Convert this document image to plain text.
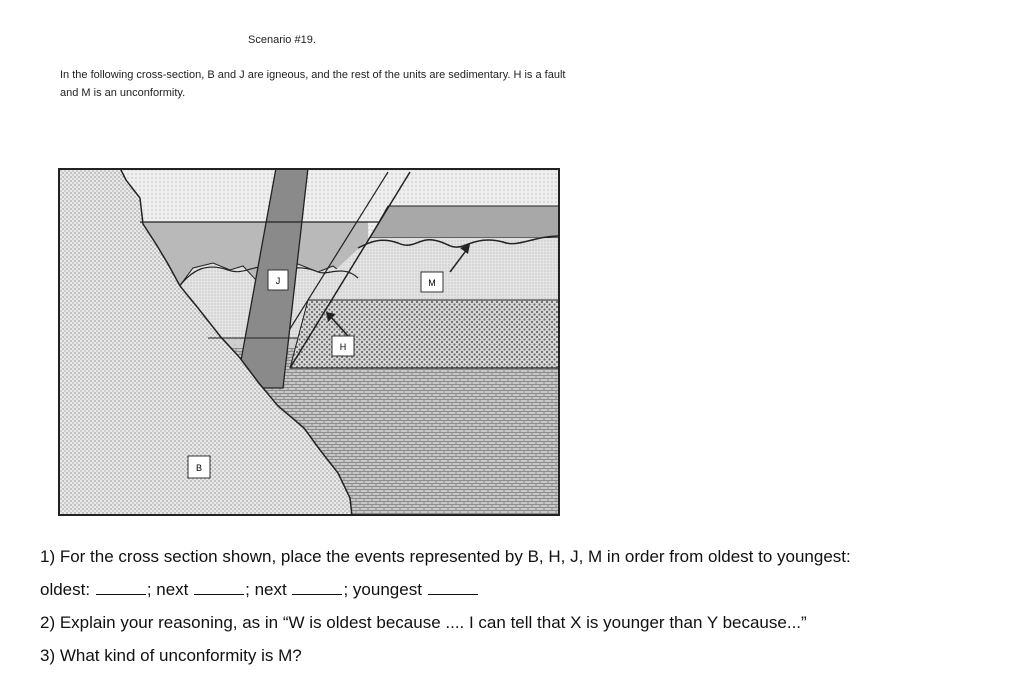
Scenario #19.
In the following cross-section, B and J are igneous, and the rest of the units are sedimentary. H is a fault
and M is an unconformity.
J	M
H
B
1) For the cross section shown, place the events represented by B, H, J, M in order from oldest to youngest:
oldest:	; next	; next	; youngest
2) Explain your reasoning, as in “W is oldest because .... I can tell that X is younger than Y because...”
3) What kind of unconformity is M?
